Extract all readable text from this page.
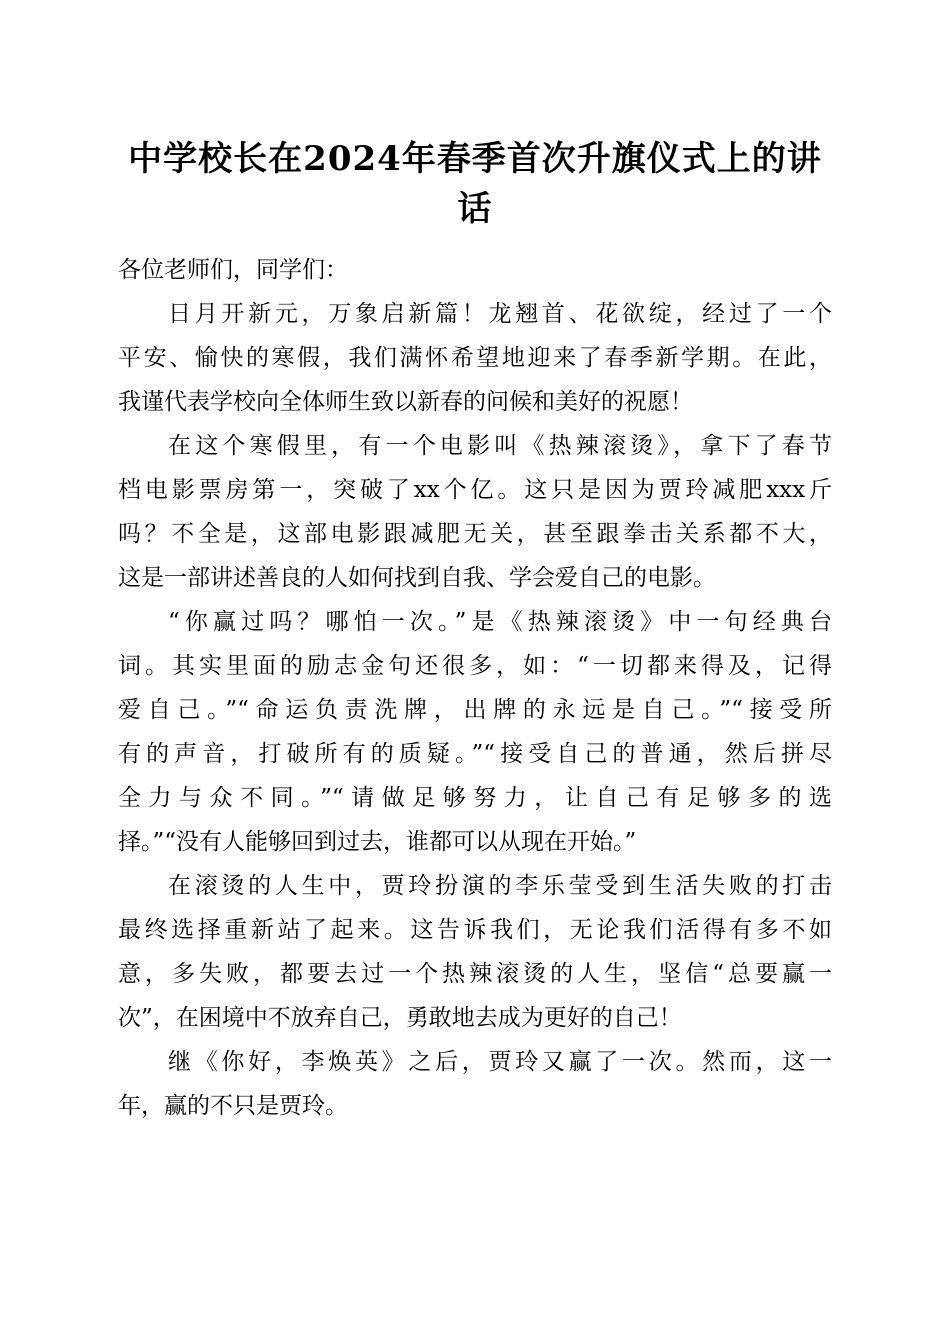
中学校长在2024年春季首次升旗仪式上的讲
话

各位老师们，同学们：

日月开新元，万象启新篇！龙翘首、花欲绽，经过了一个
平安、愉快的寒假，我们满怀希望地迎来了春季新学期。在此，
我谨代表学校向全体师生致以新春的问候和美好的祝愿！

在这个寒假里，有一个电影叫《热辣滚烫》，拿下了春节
档电影票房第一，突破了xx个亿。这只是因为贾玲减肥xxx斤
吗？不全是，这部电影跟减肥无关，甚至跟拳击关系都不大，
这是一部讲述善良的人如何找到自我、学会爱自己的电影。

“你赢过吗？哪怕一次。”是《热辣滚烫》中一句经典台
词。其实里面的励志金句还很多，如：“一切都来得及，记得
爱自己。”“命运负责洗牌，出牌的永远是自己。”“接受所
有的声音，打破所有的质疑。”“接受自己的普通，然后拼尽
全力与众不同。”“请做足够努力，让自己有足够多的选
择。”“没有人能够回到过去，谁都可以从现在开始。”

在滚烫的人生中，贾玲扮演的李乐莹受到生活失败的打击
最终选择重新站了起来。这告诉我们，无论我们活得有多不如
意，多失败，都要去过一个热辣滚烫的人生，坚信“总要赢一
次”，在困境中不放弃自己，勇敢地去成为更好的自己！

继《你好，李焕英》之后，贾玲又赢了一次。然而，这一
年，赢的不只是贾玲。
